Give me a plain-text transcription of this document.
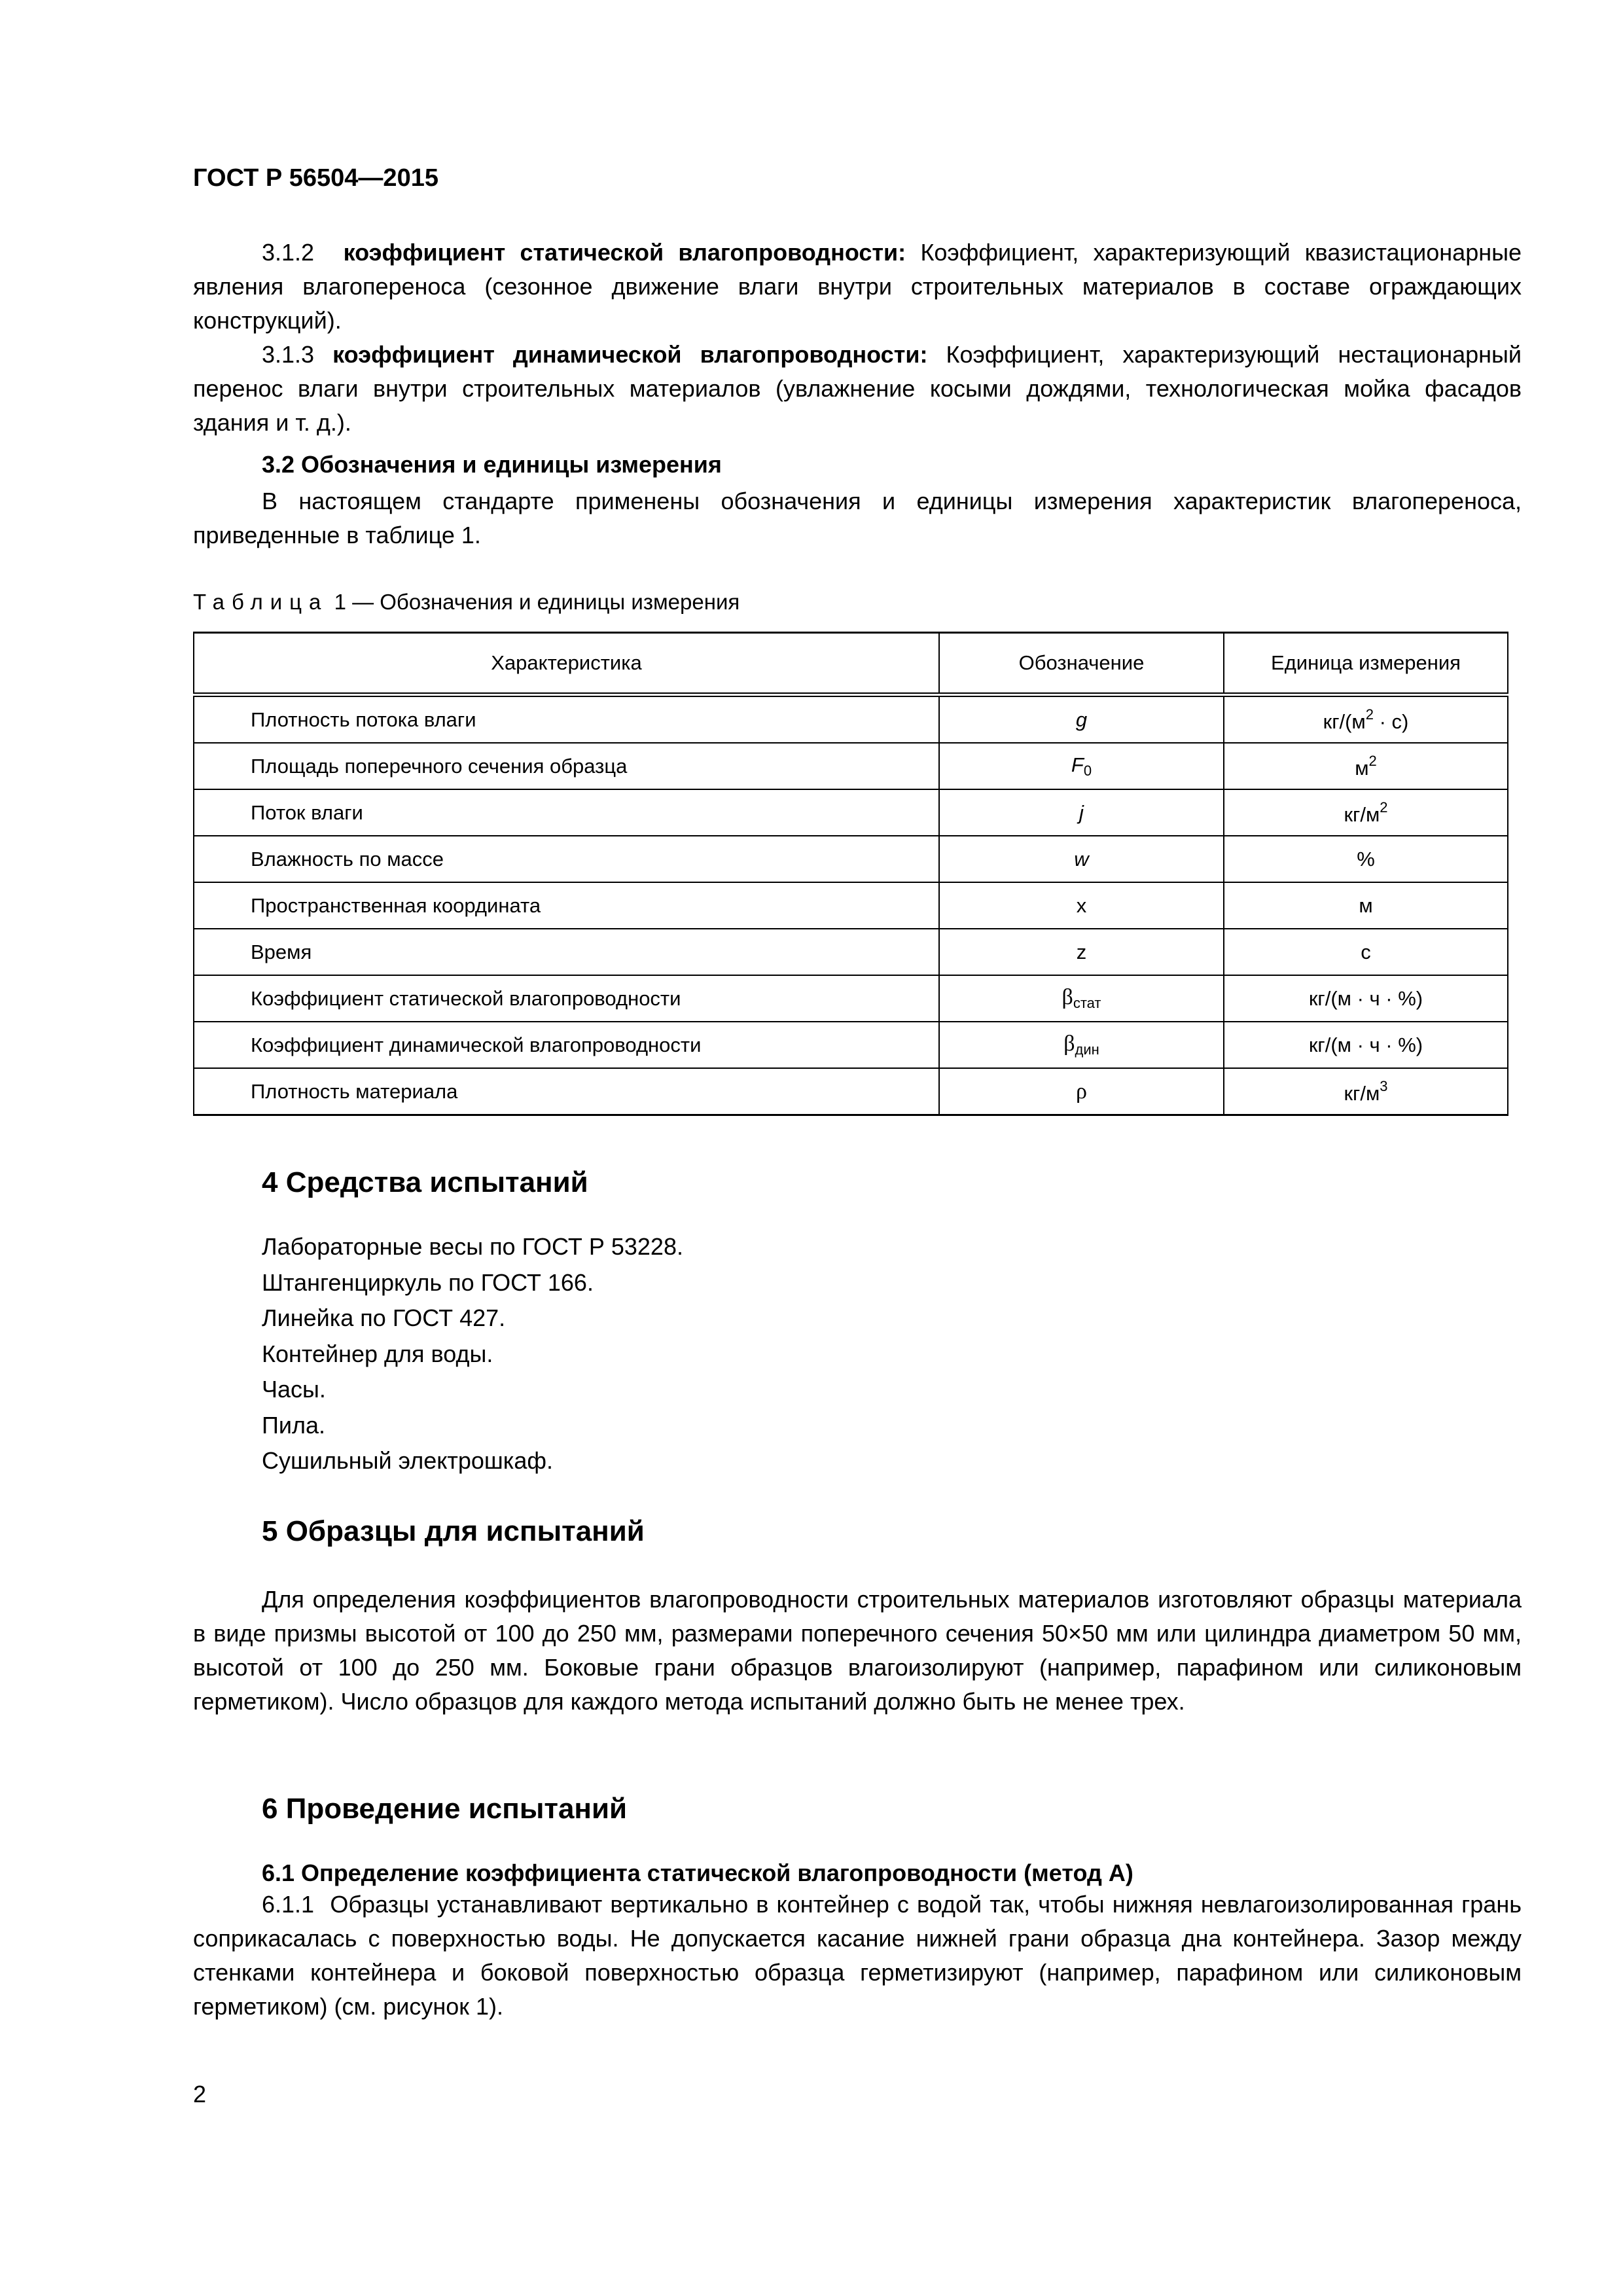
ГОСТ Р 56504—2015

3.1.2 коэффициент статической влагопроводности: Коэффициент, характеризующий квазистационарные явления влагопереноса (сезонное движение влаги внутри строительных материалов в составе ограждающих конструкций).

3.1.3 коэффициент динамической влагопроводности: Коэффициент, характеризующий нестационарный перенос влаги внутри строительных материалов (увлажнение косыми дождями, технологическая мойка фасадов здания и т. д.).

3.2 Обозначения и единицы измерения

В настоящем стандарте применены обозначения и единицы измерения характеристик влагопереноса, приведенные в таблице 1.

Таблица 1 — Обозначения и единицы измерения
Характеристика	Обозначение	Единица измерения
Плотность потока влаги	g	$кг/(м^2 \cdot с)$
Площадь поперечного сечения образца	$F_0$	$м^2$
Поток влаги	j	$кг/м^2$
Влажность по массе	w	%
Пространственная координата	x	м
Время	z	с
Коэффициент статической влагопроводности	$\beta_{стат}$	кг/(м · ч · %)
Коэффициент динамической влагопроводности	$\beta_{дин}$	кг/(м · ч · %)
Плотность материала	ρ	$кг/м^3$
4 Средства испытаний
Лабораторные весы по ГОСТ Р 53228.
Штангенциркуль по ГОСТ 166.
Линейка по ГОСТ 427.
Контейнер для воды.
Часы.
Пила.
Сушильный электрошкаф.
5 Образцы для испытаний

Для определения коэффициентов влагопроводности строительных материалов изготовляют образцы материала в виде призмы высотой от 100 до 250 мм, размерами поперечного сечения 50×50 мм или цилиндра диаметром 50 мм, высотой от 100 до 250 мм. Боковые грани образцов влагоизолируют (например, парафином или силиконовым герметиком). Число образцов для каждого метода испытаний должно быть не менее трех.

6 Проведение испытаний
6.1 Определение коэффициента статической влагопроводности (метод А)

6.1.1 Образцы устанавливают вертикально в контейнер с водой так, чтобы нижняя невлагоизолированная грань соприкасалась с поверхностью воды. Не допускается касание нижней грани образца дна контейнера. Зазор между стенками контейнера и боковой поверхностью образца герметизируют (например, парафином или силиконовым герметиком) (см. рисунок 1).

2
